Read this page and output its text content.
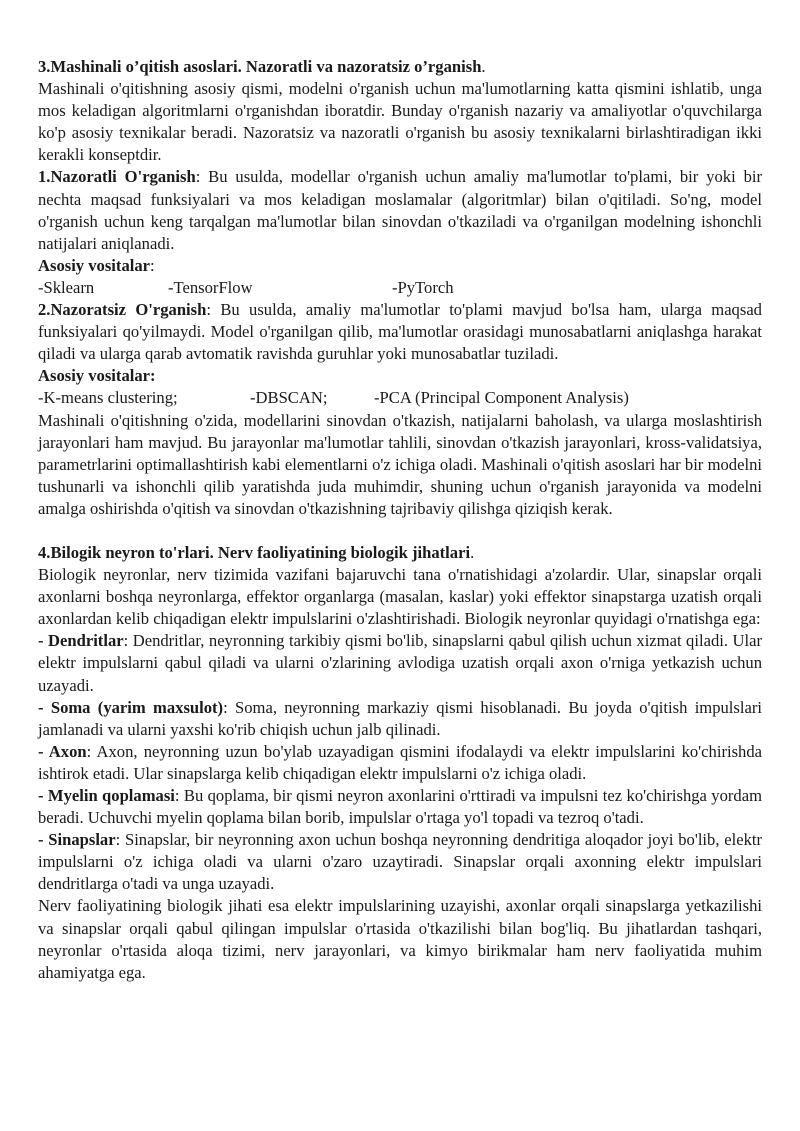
3.Mashinali o’qitish asoslari. Nazoratli va nazoratsiz o’rganish.

Mashinali o'qitishning asosiy qismi, modelni o'rganish uchun ma'lumotlarning katta qismini ishlatib, unga mos keladigan algoritmlarni o'rganishdan iboratdir. Bunday o'rganish nazariy va amaliyotlar o'quvchilarga ko'p asosiy texnikalar beradi. Nazoratsiz va nazoratli o'rganish bu asosiy texnikalarni birlashtiradigan ikki kerakli konseptdir.

1.Nazoratli O'rganish: Bu usulda, modellar o'rganish uchun amaliy ma'lumotlar to'plami, bir yoki bir nechta maqsad funksiyalari va mos keladigan moslamalar (algoritmlar) bilan o'qitiladi. So'ng, model o'rganish uchun keng tarqalgan ma'lumotlar bilan sinovdan o'tkaziladi va o'rganilgan modelning ishonchli natijalari aniqlanadi.

Asosiy vositalar:

-Sklearn	-TensorFlow	-PyTorch

2.Nazoratsiz O'rganish: Bu usulda, amaliy ma'lumotlar to'plami mavjud bo'lsa ham, ularga maqsad funksiyalari qo'yilmaydi. Model o'rganilgan qilib, ma'lumotlar orasidagi munosabatlarni aniqlashga harakat qiladi va ularga qarab avtomatik ravishda guruhlar yoki munosabatlar tuziladi.

Asosiy vositalar:

-K-means clustering;	-DBSCAN;	-PCA (Principal Component Analysis)

Mashinali o'qitishning o'zida, modellarini sinovdan o'tkazish, natijalarni baholash, va ularga moslashtirish jarayonlari ham mavjud. Bu jarayonlar ma'lumotlar tahlili, sinovdan o'tkazish jarayonlari, kross-validatsiya, parametrlarini optimallashtirish kabi elementlarni o'z ichiga oladi. Mashinali o'qitish asoslari har bir modelni tushunarli va ishonchli qilib yaratishda juda muhimdir, shuning uchun o'rganish jarayonida va modelni amalga oshirishda o'qitish va sinovdan o'tkazishning tajribaviy qilishga qiziqish kerak.

4.Bilogik neyron to'rlari. Nerv faoliyatining biologik jihatlari.

Biologik neyronlar, nerv tizimida vazifani bajaruvchi tana o'rnatishidagi a'zolardir. Ular, sinapslar orqali axonlarni boshqa neyronlarga, effektor organlarga (masalan, kaslar) yoki effektor sinapstarga uzatish orqali axonlardan kelib chiqadigan elektr impulslarini o'zlashtirishadi. Biologik neyronlar quyidagi o'rnatishga ega:

- Dendritlar: Dendritlar, neyronning tarkibiy qismi bo'lib, sinapslarni qabul qilish uchun xizmat qiladi. Ular elektr impulslarni qabul qiladi va ularni o'zlarining avlodiga uzatish orqali axon o'rniga yetkazish uchun uzayadi.

- Soma (yarim maxsulot): Soma, neyronning markaziy qismi hisoblanadi. Bu joyda o'qitish impulslari jamlanadi va ularni yaxshi ko'rib chiqish uchun jalb qilinadi.

- Axon: Axon, neyronning uzun bo'ylab uzayadigan qismini ifodalaydi va elektr impulslarini ko'chirishda ishtirok etadi. Ular sinapslarga kelib chiqadigan elektr impulslarni o'z ichiga oladi.

- Myelin qoplamasi: Bu qoplama, bir qismi neyron axonlarini o'rttiradi va impulsni tez ko'chirishga yordam beradi. Uchuvchi myelin qoplama bilan borib, impulslar o'rtaga yo'l topadi va tezroq o'tadi.

- Sinapslar: Sinapslar, bir neyronning axon uchun boshqa neyronning dendritiga aloqador joyi bo'lib, elektr impulslarni o'z ichiga oladi va ularni o'zaro uzaytiradi. Sinapslar orqali axonning elektr impulslari dendritlarga o'tadi va unga uzayadi.

Nerv faoliyatining biologik jihati esa elektr impulslarining uzayishi, axonlar orqali sinapslarga yetkazilishi va sinapslar orqali qabul qilingan impulslar o'rtasida o'tkazilishi bilan bog'liq. Bu jihatlardan tashqari, neyronlar o'rtasida aloqa tizimi, nerv jarayonlari, va kimyo birikmalar ham nerv faoliyatida muhim ahamiyatga ega.
